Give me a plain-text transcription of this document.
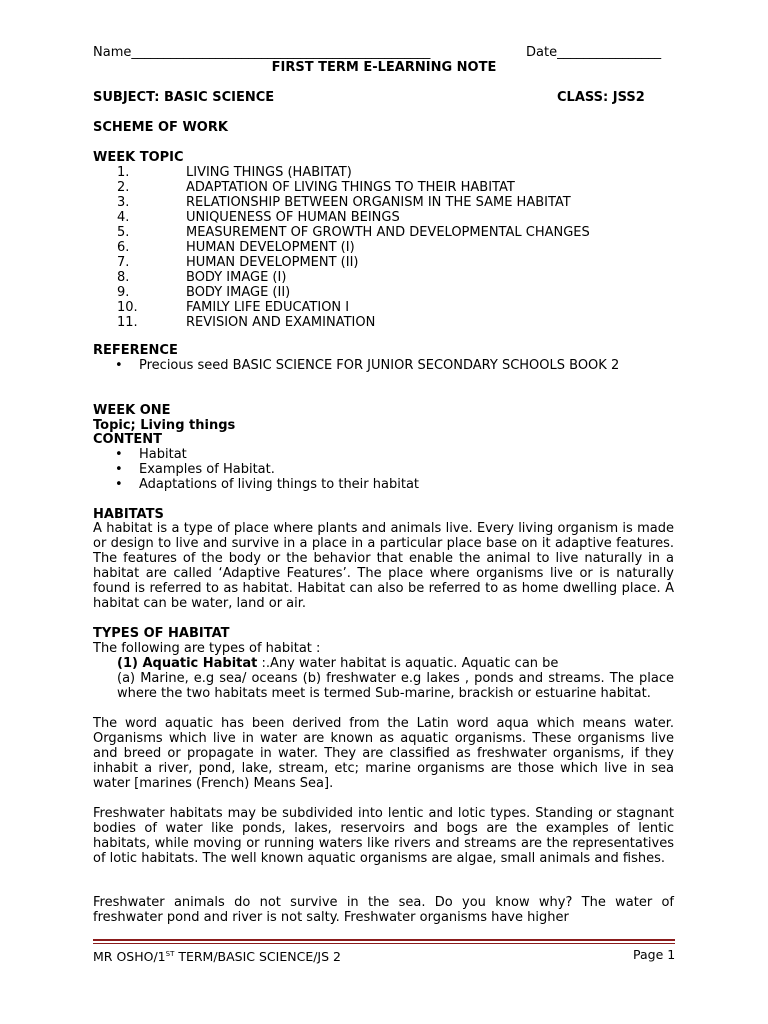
Name______________________________________________	Date________________
FIRST TERM E-LEARNING NOTE
SUBJECT: BASIC SCIENCE	CLASS: JSS2
SCHEME OF WORK
WEEK TOPIC
1.	LIVING THINGS (HABITAT)
2.	ADAPTATION OF LIVING THINGS TO THEIR HABITAT
3.	RELATIONSHIP BETWEEN ORGANISM IN THE SAME HABITAT
4.	UNIQUENESS OF HUMAN BEINGS
5.	MEASUREMENT OF GROWTH AND DEVELOPMENTAL CHANGES
6.	HUMAN DEVELOPMENT (I)
7.	HUMAN DEVELOPMENT (II)
8.	BODY IMAGE (I)
9.	BODY IMAGE (II)
10.	FAMILY LIFE EDUCATION I
11.	REVISION AND EXAMINATION
REFERENCE
• Precious seed BASIC SCIENCE FOR JUNIOR SECONDARY SCHOOLS BOOK 2
WEEK ONE
Topic; Living things
CONTENT
• Habitat
• Examples of Habitat.
• Adaptations of living things to their habitat
HABITATS
A habitat is a type of place where plants and animals live. Every living organism is made or design to live and survive in a place in a particular place base on it adaptive features. The features of the body or the behavior that enable the animal to live naturally in a habitat are called ‘Adaptive Features’. The place where organisms live or is naturally found is referred to as habitat. Habitat can also be referred to as home dwelling place. A habitat can be water, land or air.
TYPES OF HABITAT
The following are types of habitat :
(1) Aquatic Habitat :.Any water habitat is aquatic. Aquatic can be
(a) Marine, e.g sea/ oceans (b) freshwater e.g lakes , ponds and streams. The place where the two habitats meet is termed Sub-marine, brackish or estuarine habitat.
The word aquatic has been derived from the Latin word aqua which means water. Organisms which live in water are known as aquatic organisms. These organisms live and breed or propagate in water. They are classified as freshwater organisms, if they inhabit a river, pond, lake, stream, etc; marine organisms are those which live in sea water [marines (French) Means Sea].
Freshwater habitats may be subdivided into lentic and lotic types. Standing or stagnant bodies of water like ponds, lakes, reservoirs and bogs are the examples of lentic habitats, while moving or running waters like rivers and streams are the representatives of lotic habitats. The well known aquatic organisms are algae, small animals and fishes.
Freshwater animals do not survive in the sea. Do you know why? The water of freshwater pond and river is not salty. Freshwater organisms have higher
MR OSHO/1ST TERM/BASIC SCIENCE/JS 2	Page 1
